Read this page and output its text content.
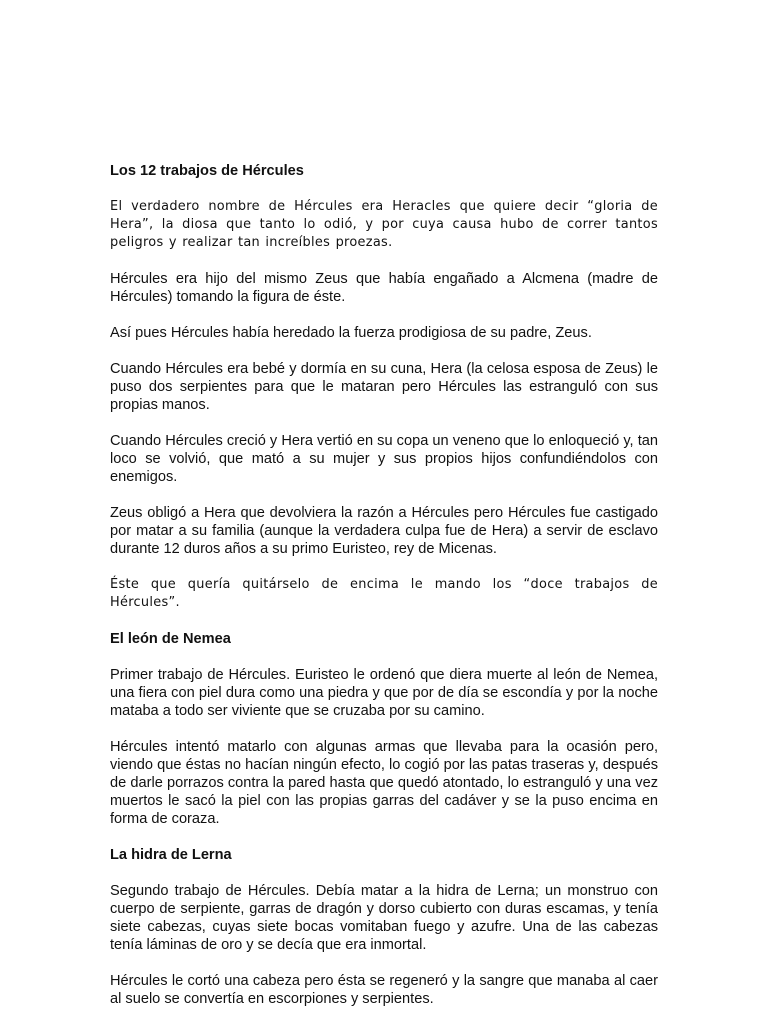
Los 12 trabajos de Hércules

El verdadero nombre de Hércules era Heracles que quiere decir “gloria de Hera”, la diosa que tanto lo odió, y por cuya causa hubo de correr tantos peligros y realizar tan increíbles proezas.

Hércules era hijo del mismo Zeus que había engañado a Alcmena (madre de Hércules) tomando la figura de éste.

Así pues Hércules había heredado la fuerza prodigiosa de su padre, Zeus.

Cuando Hércules era bebé y dormía en su cuna, Hera (la celosa esposa de Zeus) le puso dos serpientes para que le mataran pero Hércules las estranguló con sus propias manos.

Cuando Hércules creció y Hera vertió en su copa un veneno que lo enloqueció y, tan loco se volvió, que mató a su mujer y sus propios hijos confundiéndolos con enemigos.

Zeus obligó a Hera que devolviera la razón a Hércules pero Hércules fue castigado por matar a su familia (aunque la verdadera culpa fue de Hera) a servir de esclavo durante 12 duros años a su primo Euristeo, rey de Micenas.

Éste que quería quitárselo de encima le mando los “doce trabajos de Hércules”.

El león de Nemea

Primer trabajo de Hércules. Euristeo le ordenó que diera muerte al león de Nemea, una fiera con piel dura como una piedra y que por de día se escondía y por la noche mataba a todo ser viviente que se cruzaba por su camino.

Hércules intentó matarlo con algunas armas que llevaba para la ocasión pero, viendo que éstas no hacían ningún efecto, lo cogió por las patas traseras y, después de darle porrazos contra la pared hasta que quedó atontado, lo estranguló y una vez muertos le sacó la piel con las propias garras del cadáver y se la puso encima en forma de coraza.

La hidra de Lerna

Segundo trabajo de Hércules. Debía matar a la hidra de Lerna; un monstruo con cuerpo de serpiente, garras de dragón y dorso cubierto con duras escamas, y tenía siete cabezas, cuyas siete bocas vomitaban fuego y azufre. Una de las cabezas tenía láminas de oro y se decía que era inmortal.

Hércules le cortó una cabeza pero ésta se regeneró y la sangre que manaba al caer al suelo se convertía en escorpiones y serpientes.
